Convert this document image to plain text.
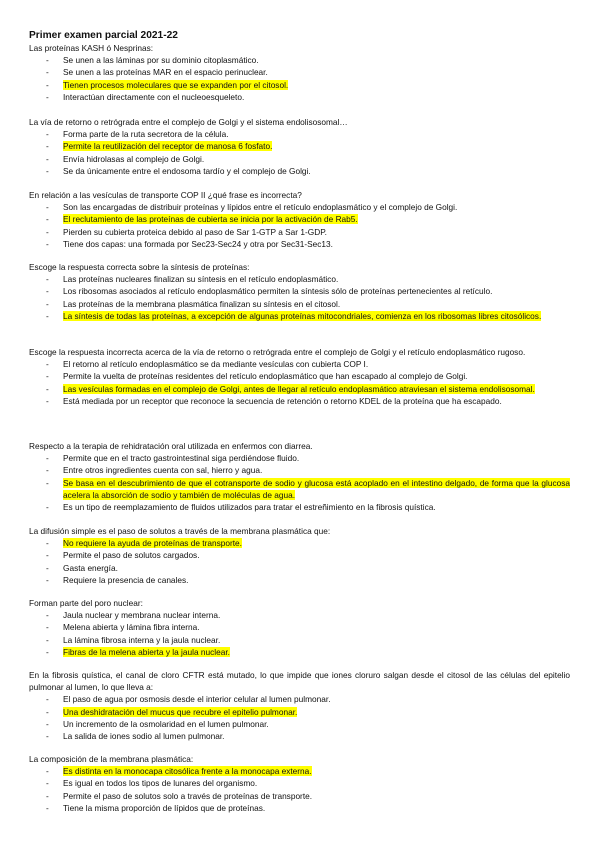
Primer examen parcial 2021-22

Las proteínas KASH ó Nesprinas:

- Se unen a las láminas por su dominio citoplasmático.
- Se unen a las proteínas MAR en el espacio perinuclear.
- Tienen procesos moleculares que se expanden por el citosol.
- Interactúan directamente con el nucleoesqueleto.

La vía de retorno o retrógrada entre el complejo de Golgi y el sistema endolisosomal…

- Forma parte de la ruta secretora de la célula.
- Permite la reutilización del receptor de manosa 6 fosfato.
- Envía hidrolasas al complejo de Golgi.
- Se da únicamente entre el endosoma tardío y el complejo de Golgi.

En relación a las vesículas de transporte COP II ¿qué frase es incorrecta?

- Son las encargadas de distribuir proteínas y lípidos entre el retículo endoplasmático y el complejo de Golgi.
- El reclutamiento de las proteínas de cubierta se inicia por la activación de Rab5.
- Pierden su cubierta proteica debido al paso de Sar 1-GTP a Sar 1-GDP.
- Tiene dos capas: una formada por Sec23-Sec24 y otra por Sec31-Sec13.

Escoge la respuesta correcta sobre la síntesis de proteínas:

- Las proteínas nucleares finalizan su síntesis en el retículo endoplasmático.
- Los ribosomas asociados al retículo endoplasmático permiten la síntesis sólo de proteínas pertenecientes al retículo.
- Las proteínas de la membrana plasmática finalizan su síntesis en el citosol.
- La síntesis de todas las proteínas, a excepción de algunas proteínas mitocondriales, comienza en los ribosomas libres citosólicos.

Escoge la respuesta incorrecta acerca de la vía de retorno o retrógrada entre el complejo de Golgi y el retículo endoplasmático rugoso.

- El retorno al retículo endoplasmático se da mediante vesículas con cubierta COP I.
- Permite la vuelta de proteínas residentes del retículo endoplasmático que han escapado al complejo de Golgi.
- Las vesículas formadas en el complejo de Golgi, antes de llegar al retículo endoplasmático atraviesan el sistema endolisosomal.
- Está mediada por un receptor que reconoce la secuencia de retención o retorno KDEL de la proteína que ha escapado.

Respecto a la terapia de rehidratación oral utilizada en enfermos con diarrea.

- Permite que en el tracto gastrointestinal siga perdiéndose fluido.
- Entre otros ingredientes cuenta con sal, hierro y agua.
- Se basa en el descubrimiento de que el cotransporte de sodio y glucosa está acoplado en el intestino delgado, de forma que la glucosa acelera la absorción de sodio y también de moléculas de agua.
- Es un tipo de reemplazamiento de fluidos utilizados para tratar el estreñimiento en la fibrosis quística.

La difusión simple es el paso de solutos a través de la membrana plasmática que:

- No requiere la ayuda de proteínas de transporte.
- Permite el paso de solutos cargados.
- Gasta energía.
- Requiere la presencia de canales.

Forman parte del poro nuclear:

- Jaula nuclear y membrana nuclear interna.
- Melena abierta y lámina fibra interna.
- La lámina fibrosa interna y la jaula nuclear.
- Fibras de la melena abierta y la jaula nuclear.

En la fibrosis quística, el canal de cloro CFTR está mutado, lo que impide que iones cloruro salgan desde el citosol de las células del epitelio pulmonar al lumen, lo que lleva a:

- El paso de agua por osmosis desde el interior celular al lumen pulmonar.
- Una deshidratación del mucus que recubre el epitelio pulmonar.
- Un incremento de la osmolaridad en el lumen pulmonar.
- La salida de iones sodio al lumen pulmonar.

La composición de la membrana plasmática:

- Es distinta en la monocapa citosólica frente a la monocapa externa.
- Es igual en todos los tipos de lunares del organismo.
- Permite el paso de solutos solo a través de proteínas de transporte.
- Tiene la misma proporción de lípidos que de proteínas.
